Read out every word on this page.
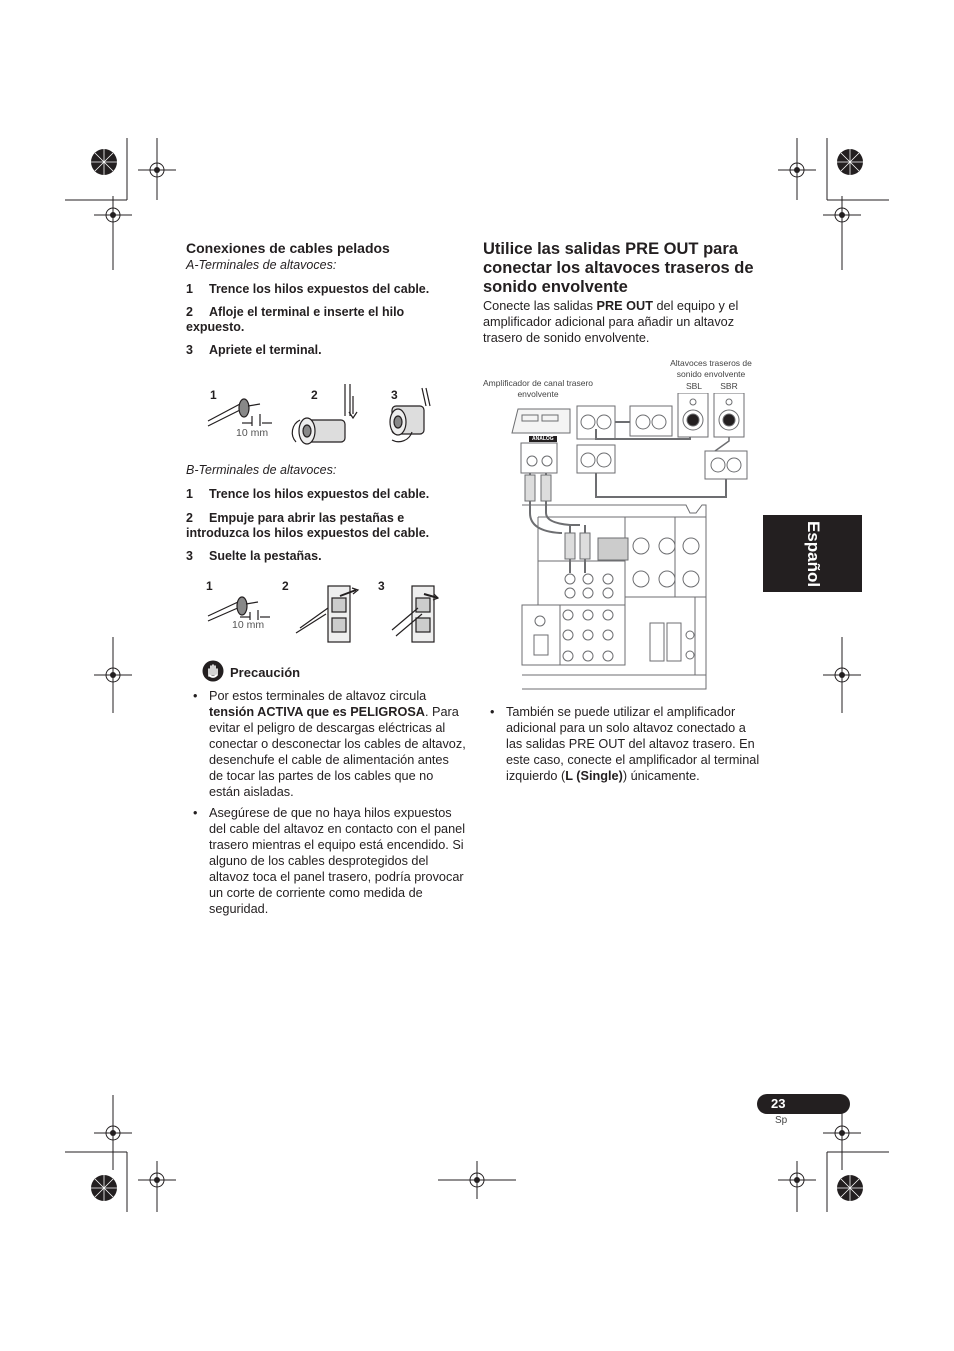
Conexiones de cables pelados
A-Terminales de altavoces:
1 Trence los hilos expuestos del cable.
2 Afloje el terminal e inserte el hilo expuesto.
3 Apriete el terminal.
1	2	3
10 mm
B-Terminales de altavoces:
1 Trence los hilos expuestos del cable.
2 Empuje para abrir las pestañas e introduzca los hilos expuestos del cable.
3 Suelte la pestañas.
1	2	3
10 mm
Precaución
• Por estos terminales de altavoz circula tensión ACTIVA que es PELIGROSA. Para evitar el peligro de descargas eléctricas al conectar o desconectar los cables de altavoz, desenchufe el cable de alimentación antes de tocar las partes de los cables que no están aisladas.
• Asegúrese de que no haya hilos expuestos del cable del altavoz en contacto con el panel trasero mientras el equipo está encendido. Si alguno de los cables desprotegidos del altavoz toca el panel trasero, podría provocar un corte de corriente como medida de seguridad.
Utilice las salidas PRE OUT para conectar los altavoces traseros de sonido envolvente

Conecte las salidas PRE OUT del equipo y el amplificador adicional para añadir un altavoz trasero de sonido envolvente.

Amplificador de canal trasero envolvente
Altavoces traseros de sonido envolvente
SBL SBR
ANALOG
• También se puede utilizar el amplificador adicional para un solo altavoz conectado a las salidas PRE OUT del altavoz trasero. En este caso, conecte el amplificador al terminal izquierdo (L (Single)) únicamente.
Español
23
Sp
